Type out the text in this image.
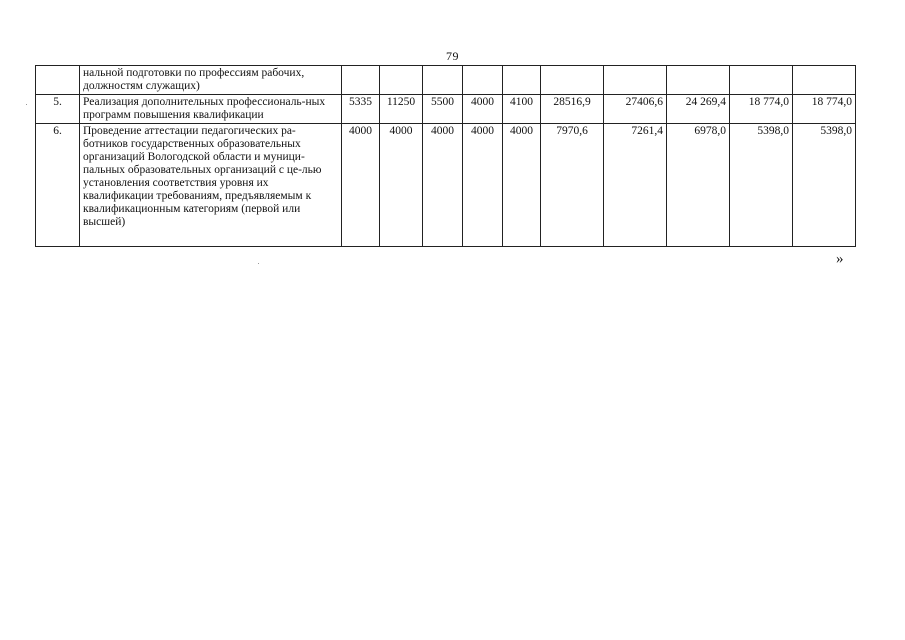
79
	нальной подготовки по профессиям рабочих, должностям служащих)										
5.	Реализация дополнительных профессиональ-ных программ повышения квалификации	5335	11250	5500	4000	4100	28516,9	27406,6	24 269,4	18 774,0	18 774,0
6.	Проведение аттестации педагогических ра-ботников государственных образовательных организаций Вологодской области и муници-пальных образовательных организаций с це-лью установления соответствия уровня их квалификации требованиям, предъявляемым к квалификационным категориям (первой или высшей)	4000	4000	4000	4000	4000	7970,6	7261,4	6978,0	5398,0	5398,0
»
